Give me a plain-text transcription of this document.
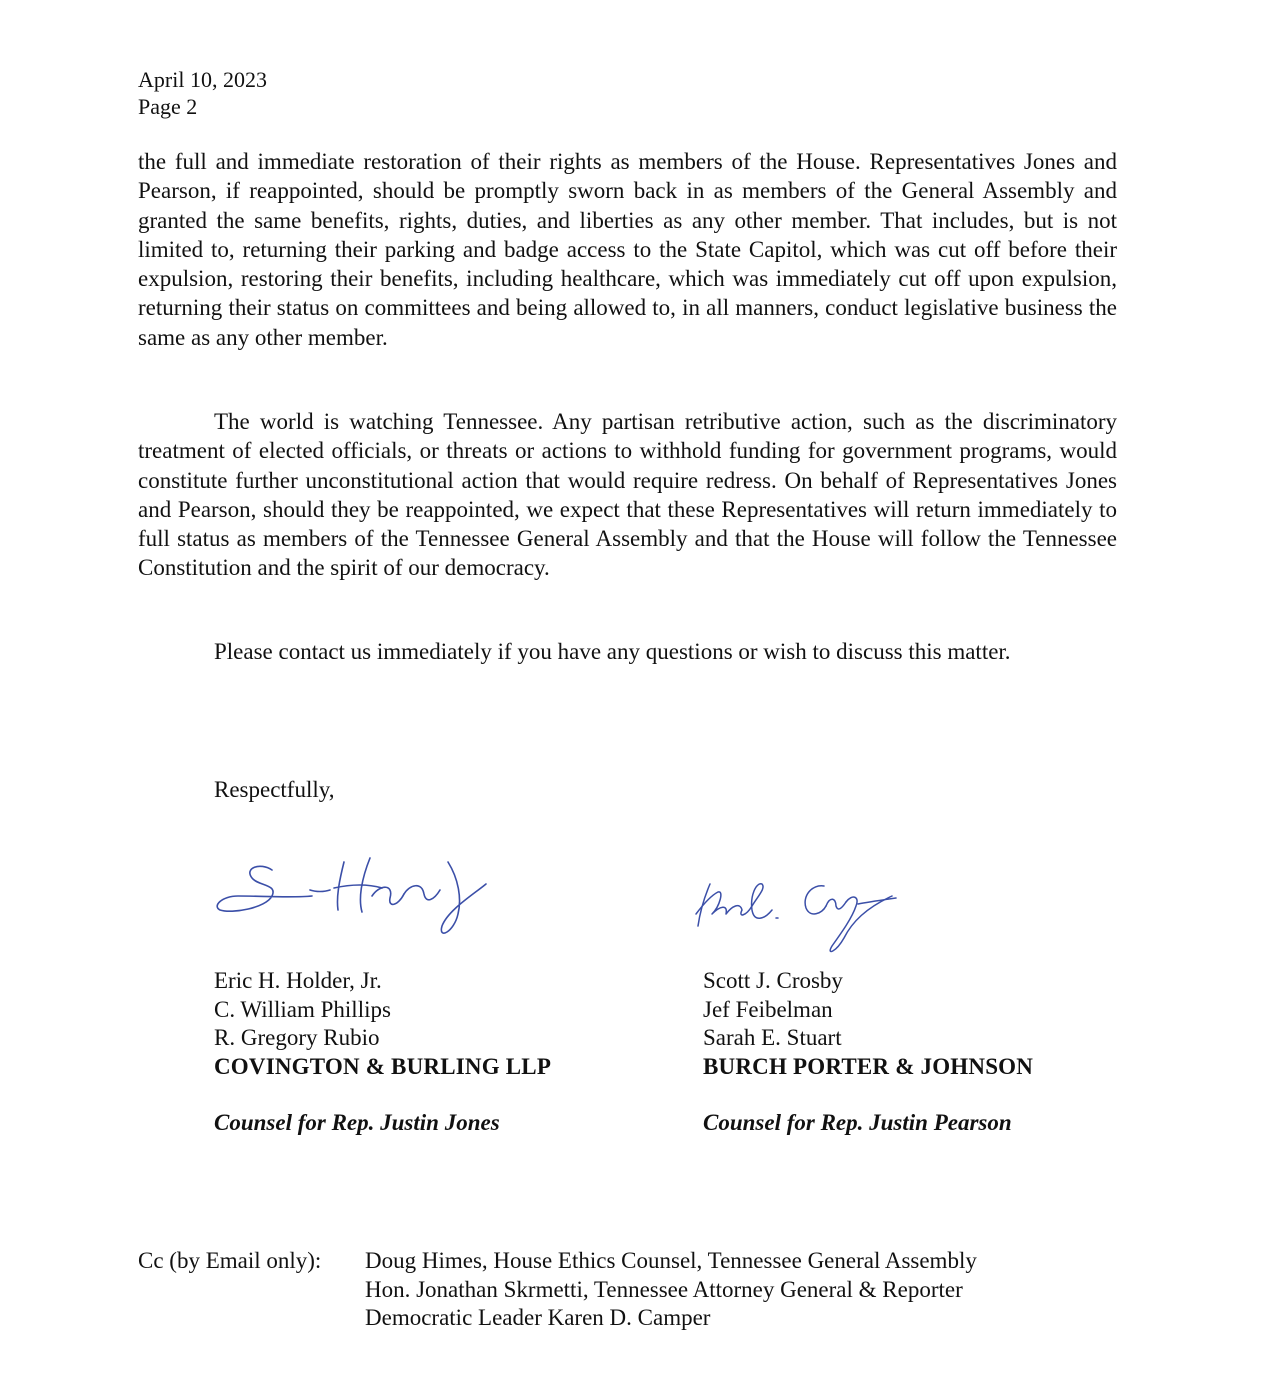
April 10, 2023
Page 2

the full and immediate restoration of their rights as members of the House. Representatives Jones and Pearson, if reappointed, should be promptly sworn back in as members of the General Assembly and granted the same benefits, rights, duties, and liberties as any other member. That includes, but is not limited to, returning their parking and badge access to the State Capitol, which was cut off before their expulsion, restoring their benefits, including healthcare, which was immediately cut off upon expulsion, returning their status on committees and being allowed to, in all manners, conduct legislative business the same as any other member.

The world is watching Tennessee. Any partisan retributive action, such as the discriminatory treatment of elected officials, or threats or actions to withhold funding for government programs, would constitute further unconstitutional action that would require redress. On behalf of Representatives Jones and Pearson, should they be reappointed, we expect that these Representatives will return immediately to full status as members of the Tennessee General Assembly and that the House will follow the Tennessee Constitution and the spirit of our democracy.

Please contact us immediately if you have any questions or wish to discuss this matter.

Respectfully,
Eric H. Holder, Jr.
C. William Phillips
R. Gregory Rubio
COVINGTON & BURLING LLP
Counsel for Rep. Justin Jones
Scott J. Crosby
Jef Feibelman
Sarah E. Stuart
BURCH PORTER & JOHNSON
Counsel for Rep. Justin Pearson
Cc (by Email only): Doug Himes, House Ethics Counsel, Tennessee General Assembly
Hon. Jonathan Skrmetti, Tennessee Attorney General & Reporter
Democratic Leader Karen D. Camper
